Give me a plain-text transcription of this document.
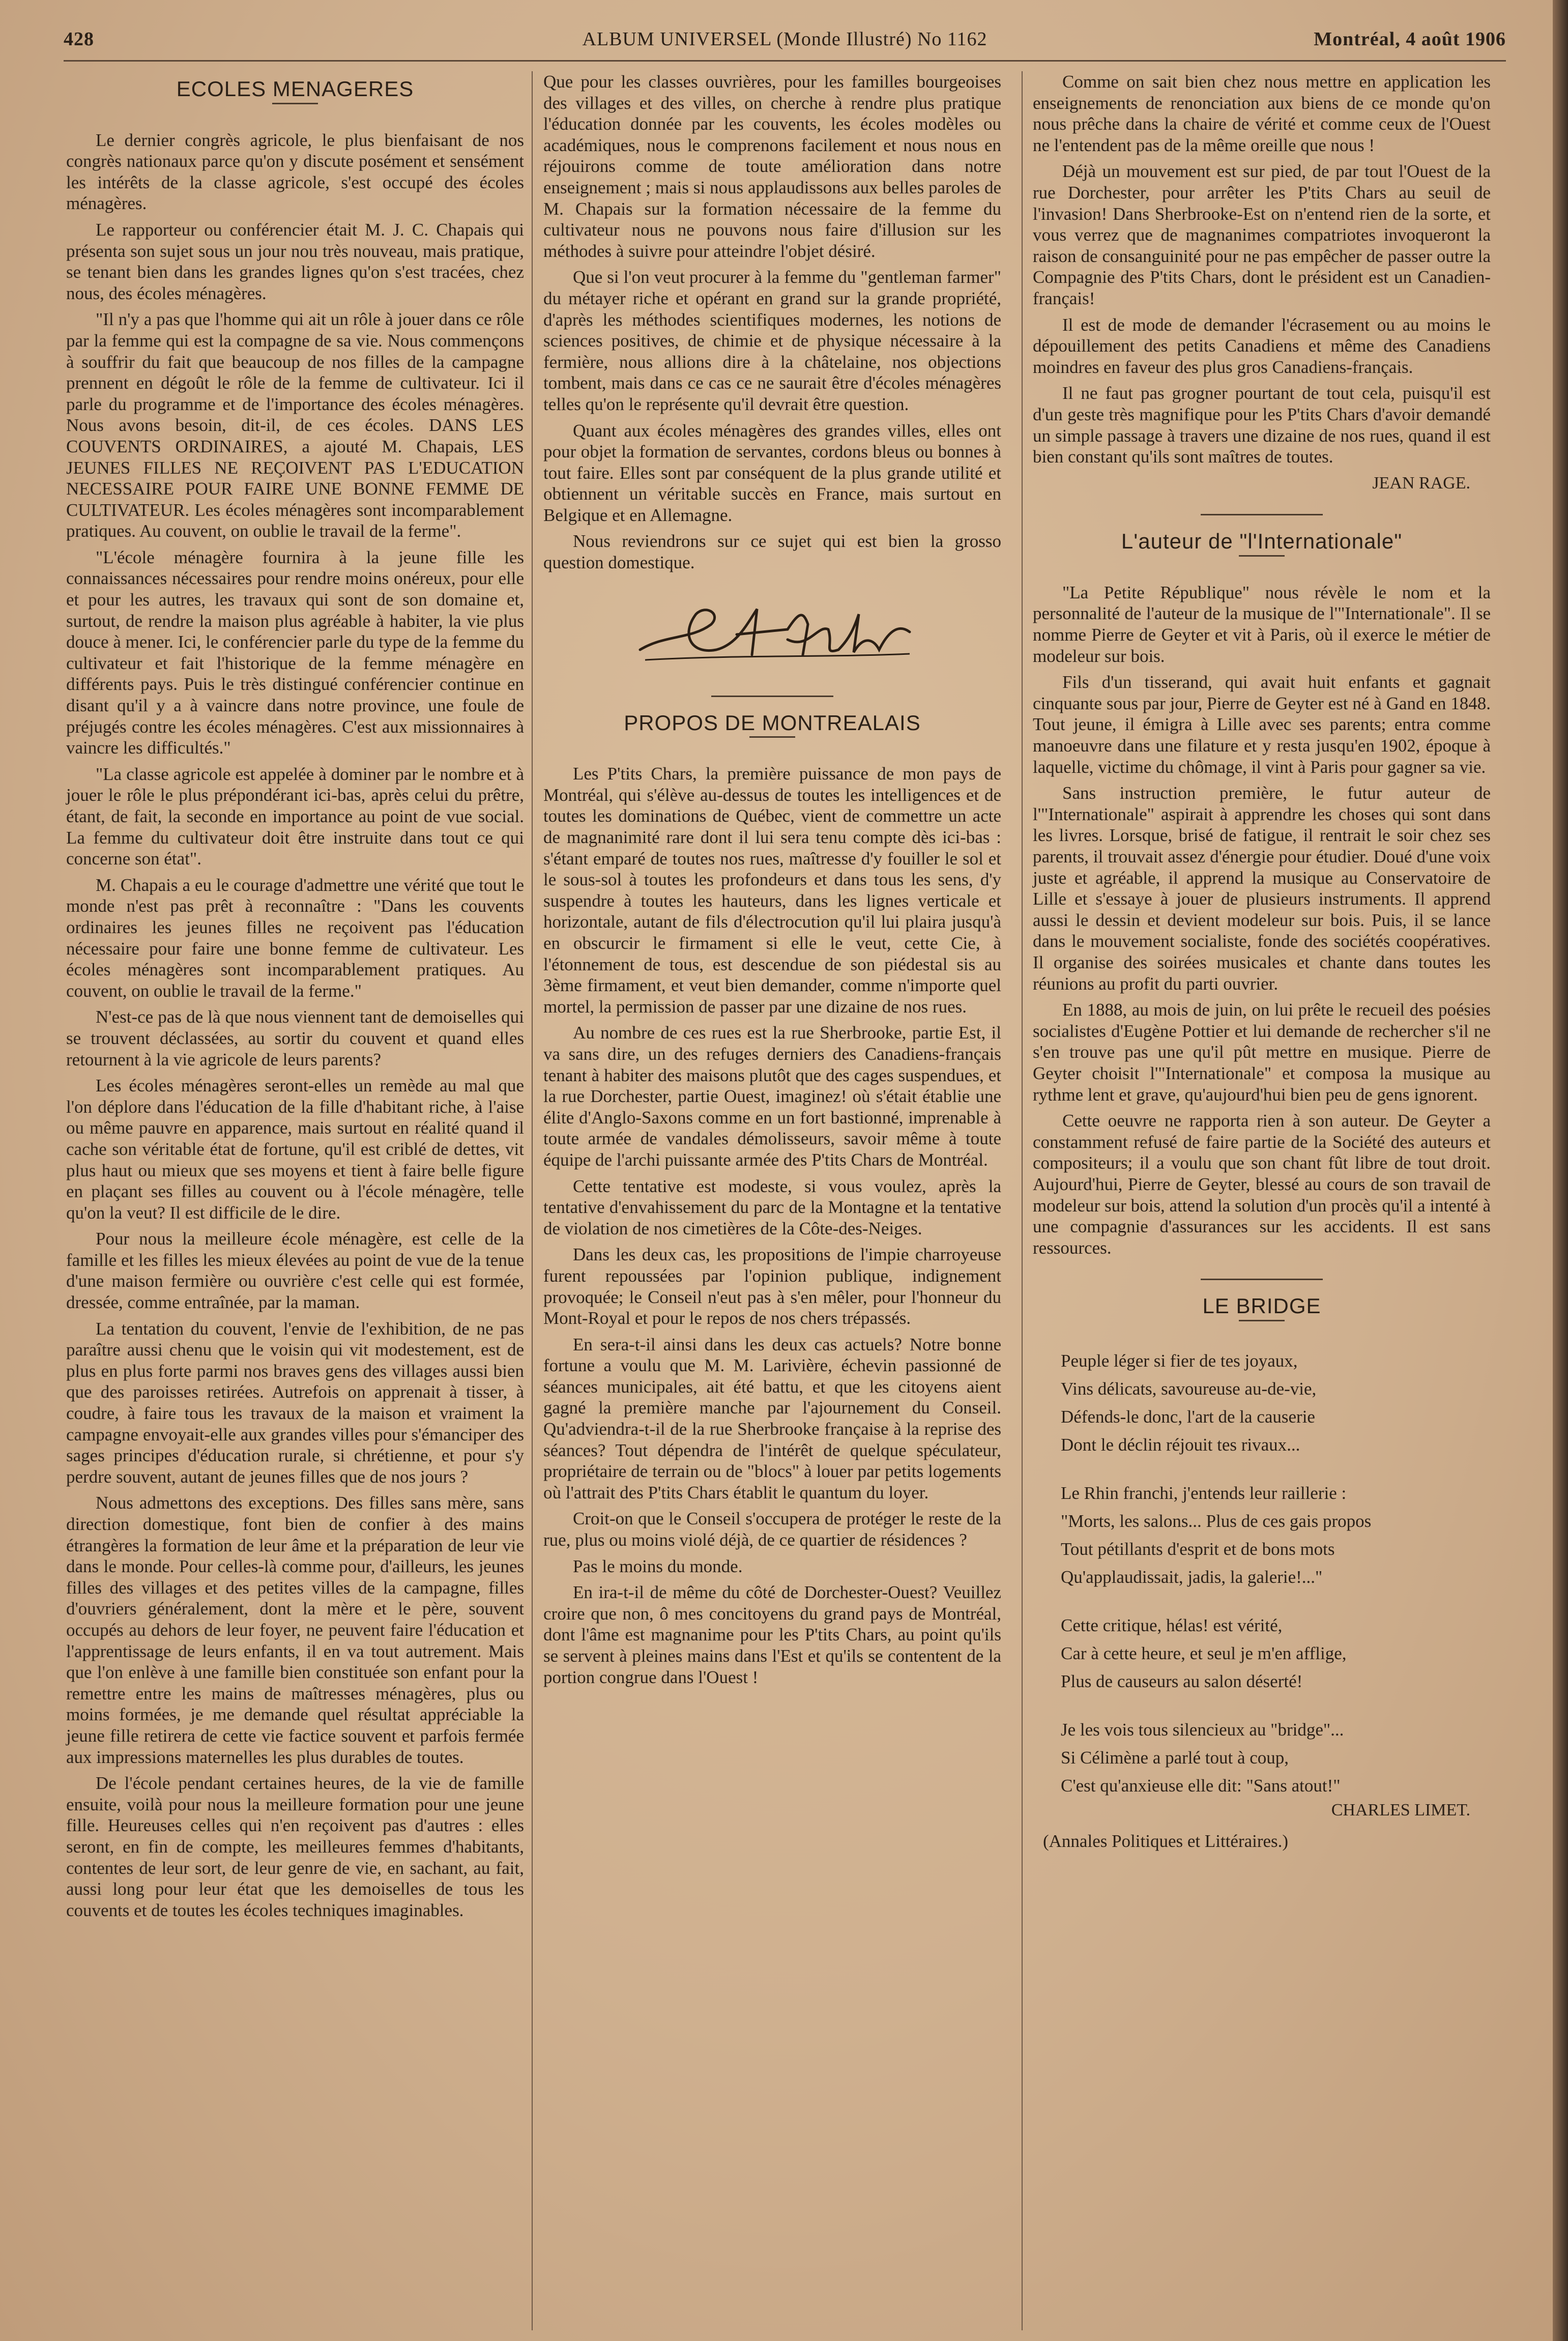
428	ALBUM UNIVERSEL (Monde Illustré) No 1162	Montréal, 4 août 1906
ECOLES MENAGERES

Le dernier congrès agricole, le plus bienfaisant de nos congrès nationaux parce qu'on y discute posément et sensément les intérêts de la classe agricole, s'est occupé des écoles ménagères.

Le rapporteur ou conférencier était M. J. C. Chapais qui présenta son sujet sous un jour nou très nouveau, mais pratique, se tenant bien dans les grandes lignes qu'on s'est tracées, chez nous, des écoles ménagères.

"Il n'y a pas que l'homme qui ait un rôle à jouer dans ce rôle par la femme qui est la compagne de sa vie. Nous commençons à souffrir du fait que beaucoup de nos filles de la campagne prennent en dégoût le rôle de la femme de cultivateur. Ici il parle du programme et de l'importance des écoles ménagères. Nous avons besoin, dit-il, de ces écoles. DANS LES COUVENTS ORDINAIRES, a ajouté M. Chapais, LES JEUNES FILLES NE REÇOIVENT PAS L'EDUCATION NECESSAIRE POUR FAIRE UNE BONNE FEMME DE CULTIVATEUR. Les écoles ménagères sont incomparablement pratiques. Au couvent, on oublie le travail de la ferme".

"L'école ménagère fournira à la jeune fille les connaissances nécessaires pour rendre moins onéreux, pour elle et pour les autres, les travaux qui sont de son domaine et, surtout, de rendre la maison plus agréable à habiter, la vie plus douce à mener. Ici, le conférencier parle du type de la femme du cultivateur et fait l'historique de la femme ménagère en différents pays. Puis le très distingué conférencier continue en disant qu'il y a à vaincre dans notre province, une foule de préjugés contre les écoles ménagères. C'est aux missionnaires à vaincre les difficultés."

"La classe agricole est appelée à dominer par le nombre et à jouer le rôle le plus prépondérant ici-bas, après celui du prêtre, étant, de fait, la seconde en importance au point de vue social. La femme du cultivateur doit être instruite dans tout ce qui concerne son état".

M. Chapais a eu le courage d'admettre une vérité que tout le monde n'est pas prêt à reconnaître : "Dans les couvents ordinaires les jeunes filles ne reçoivent pas l'éducation nécessaire pour faire une bonne femme de cultivateur. Les écoles ménagères sont incomparablement pratiques. Au couvent, on oublie le travail de la ferme."

N'est-ce pas de là que nous viennent tant de demoiselles qui se trouvent déclassées, au sortir du couvent et quand elles retournent à la vie agricole de leurs parents?

Les écoles ménagères seront-elles un remède au mal que l'on déplore dans l'éducation de la fille d'habitant riche, à l'aise ou même pauvre en apparence, mais surtout en réalité quand il cache son véritable état de fortune, qu'il est criblé de dettes, vit plus haut ou mieux que ses moyens et tient à faire belle figure en plaçant ses filles au couvent ou à l'école ménagère, telle qu'on la veut? Il est difficile de le dire.

Pour nous la meilleure école ménagère, est celle de la famille et les filles les mieux élevées au point de vue de la tenue d'une maison fermière ou ouvrière c'est celle qui est formée, dressée, comme entraînée, par la maman.

La tentation du couvent, l'envie de l'exhibition, de ne pas paraître aussi chenu que le voisin qui vit modestement, est de plus en plus forte parmi nos braves gens des villages aussi bien que des paroisses retirées. Autrefois on apprenait à tisser, à coudre, à faire tous les travaux de la maison et vraiment la campagne envoyait-elle aux grandes villes pour s'émanciper des sages principes d'éducation rurale, si chrétienne, et pour s'y perdre souvent, autant de jeunes filles que de nos jours ?

Nous admettons des exceptions. Des filles sans mère, sans direction domestique, font bien de confier à des mains étrangères la formation de leur âme et la préparation de leur vie dans le monde. Pour celles-là comme pour, d'ailleurs, les jeunes filles des villages et des petites villes de la campagne, filles d'ouvriers généralement, dont la mère et le père, souvent occupés au dehors de leur foyer, ne peuvent faire l'éducation et l'apprentissage de leurs enfants, il en va tout autrement. Mais que l'on enlève à une famille bien constituée son enfant pour la remettre entre les mains de maîtresses ménagères, plus ou moins formées, je me demande quel résultat appréciable la jeune fille retirera de cette vie factice souvent et parfois fermée aux impressions maternelles les plus durables de toutes.

De l'école pendant certaines heures, de la vie de famille ensuite, voilà pour nous la meilleure formation pour une jeune fille. Heureuses celles qui n'en reçoivent pas d'autres : elles seront, en fin de compte, les meilleures femmes d'habitants, contentes de leur sort, de leur genre de vie, en sachant, au fait, aussi long pour leur état que les demoiselles de tous les couvents et de toutes les écoles techniques imaginables.

Que pour les classes ouvrières, pour les familles bourgeoises des villages et des villes, on cherche à rendre plus pratique l'éducation donnée par les couvents, les écoles modèles ou académiques, nous le comprenons facilement et nous nous en réjouirons comme de toute amélioration dans notre enseignement ; mais si nous applaudissons aux belles paroles de M. Chapais sur la formation nécessaire de la femme du cultivateur nous ne pouvons nous faire d'illusion sur les méthodes à suivre pour atteindre l'objet désiré.

Que si l'on veut procurer à la femme du "gentleman farmer" du métayer riche et opérant en grand sur la grande propriété, d'après les méthodes scientifiques modernes, les notions de sciences positives, de chimie et de physique nécessaire à la fermière, nous allions dire à la châtelaine, nos objections tombent, mais dans ce cas ce ne saurait être d'écoles ménagères telles qu'on le représente qu'il devrait être question.

Quant aux écoles ménagères des grandes villes, elles ont pour objet la formation de servantes, cordons bleus ou bonnes à tout faire. Elles sont par conséquent de la plus grande utilité et obtiennent un véritable succès en France, mais surtout en Belgique et en Allemagne.

Nous reviendrons sur ce sujet qui est bien la grosso question domestique.

PROPOS DE MONTREALAIS

Les P'tits Chars, la première puissance de mon pays de Montréal, qui s'élève au-dessus de toutes les intelligences et de toutes les dominations de Québec, vient de commettre un acte de magnanimité rare dont il lui sera tenu compte dès ici-bas : s'étant emparé de toutes nos rues, maîtresse d'y fouiller le sol et le sous-sol à toutes les profondeurs et dans tous les sens, d'y suspendre à toutes les hauteurs, dans les lignes verticale et horizontale, autant de fils d'électrocution qu'il lui plaira jusqu'à en obscurcir le firmament si elle le veut, cette Cie, à l'étonnement de tous, est descendue de son piédestal sis au 3ème firmament, et veut bien demander, comme n'importe quel mortel, la permission de passer par une dizaine de nos rues.

Au nombre de ces rues est la rue Sherbrooke, partie Est, il va sans dire, un des refuges derniers des Canadiens-français tenant à habiter des maisons plutôt que des cages suspendues, et la rue Dorchester, partie Ouest, imaginez! où s'était établie une élite d'Anglo-Saxons comme en un fort bastionné, imprenable à toute armée de vandales démolisseurs, savoir même à toute équipe de l'archi puissante armée des P'tits Chars de Montréal.

Cette tentative est modeste, si vous voulez, après la tentative d'envahissement du parc de la Montagne et la tentative de violation de nos cimetières de la Côte-des-Neiges.

Dans les deux cas, les propositions de l'impie charroyeuse furent repoussées par l'opinion publique, indignement provoquée; le Conseil n'eut pas à s'en mêler, pour l'honneur du Mont-Royal et pour le repos de nos chers trépassés.

En sera-t-il ainsi dans les deux cas actuels? Notre bonne fortune a voulu que M. M. Larivière, échevin passionné de séances municipales, ait été battu, et que les citoyens aient gagné la première manche par l'ajournement du Conseil. Qu'adviendra-t-il de la rue Sherbrooke française à la reprise des séances? Tout dépendra de l'intérêt de quelque spéculateur, propriétaire de terrain ou de "blocs" à louer par petits logements où l'attrait des P'tits Chars établit le quantum du loyer.

Croit-on que le Conseil s'occupera de protéger le reste de la rue, plus ou moins violé déjà, de ce quartier de résidences ?

Pas le moins du monde.

En ira-t-il de même du côté de Dorchester-Ouest? Veuillez croire que non, ô mes concitoyens du grand pays de Montréal, dont l'âme est magnanime pour les P'tits Chars, au point qu'ils se servent à pleines mains dans l'Est et qu'ils se contentent de la portion congrue dans l'Ouest !

Comme on sait bien chez nous mettre en application les enseignements de renonciation aux biens de ce monde qu'on nous prêche dans la chaire de vérité et comme ceux de l'Ouest ne l'entendent pas de la même oreille que nous !

Déjà un mouvement est sur pied, de par tout l'Ouest de la rue Dorchester, pour arrêter les P'tits Chars au seuil de l'invasion! Dans Sherbrooke-Est on n'entend rien de la sorte, et vous verrez que de magnanimes compatriotes invoqueront la raison de consanguinité pour ne pas empêcher de passer outre la Compagnie des P'tits Chars, dont le président est un Canadien-français!

Il est de mode de demander l'écrasement ou au moins le dépouillement des petits Canadiens et même des Canadiens moindres en faveur des plus gros Canadiens-français.

Il ne faut pas grogner pourtant de tout cela, puisqu'il est d'un geste très magnifique pour les P'tits Chars d'avoir demandé un simple passage à travers une dizaine de nos rues, quand il est bien constant qu'ils sont maîtres de toutes.

JEAN RAGE.
L'auteur de "l'Internationale"

"La Petite République" nous révèle le nom et la personnalité de l'auteur de la musique de l'"Internationale". Il se nomme Pierre de Geyter et vit à Paris, où il exerce le métier de modeleur sur bois.

Fils d'un tisserand, qui avait huit enfants et gagnait cinquante sous par jour, Pierre de Geyter est né à Gand en 1848. Tout jeune, il émigra à Lille avec ses parents; entra comme manoeuvre dans une filature et y resta jusqu'en 1902, époque à laquelle, victime du chômage, il vint à Paris pour gagner sa vie.

Sans instruction première, le futur auteur de l'"Internationale" aspirait à apprendre les choses qui sont dans les livres. Lorsque, brisé de fatigue, il rentrait le soir chez ses parents, il trouvait assez d'énergie pour étudier. Doué d'une voix juste et agréable, il apprend la musique au Conservatoire de Lille et s'essaye à jouer de plusieurs instruments. Il apprend aussi le dessin et devient modeleur sur bois. Puis, il se lance dans le mouvement socialiste, fonde des sociétés coopératives. Il organise des soirées musicales et chante dans toutes les réunions au profit du parti ouvrier.

En 1888, au mois de juin, on lui prête le recueil des poésies socialistes d'Eugène Pottier et lui demande de rechercher s'il ne s'en trouve pas une qu'il pût mettre en musique. Pierre de Geyter choisit l'"Internationale" et composa la musique au rythme lent et grave, qu'aujourd'hui bien peu de gens ignorent.

Cette oeuvre ne rapporta rien à son auteur. De Geyter a constamment refusé de faire partie de la Société des auteurs et compositeurs; il a voulu que son chant fût libre de tout droit. Aujourd'hui, Pierre de Geyter, blessé au cours de son travail de modeleur sur bois, attend la solution d'un procès qu'il a intenté à une compagnie d'assurances sur les accidents. Il est sans ressources.

LE BRIDGE
Peuple léger si fier de tes joyaux,
Vins délicats, savoureuse au-de-vie,
Défends-le donc, l'art de la causerie
Dont le déclin réjouit tes rivaux...
Le Rhin franchi, j'entends leur raillerie :
"Morts, les salons... Plus de ces gais propos
Tout pétillants d'esprit et de bons mots
Qu'applaudissait, jadis, la galerie!..."
Cette critique, hélas! est vérité,
Car à cette heure, et seul je m'en afflige,
Plus de causeurs au salon déserté!
Je les vois tous silencieux au "bridge"...
Si Célimène a parlé tout à coup,
C'est qu'anxieuse elle dit: "Sans atout!"
CHARLES LIMET.
(Annales Politiques et Littéraires.)
